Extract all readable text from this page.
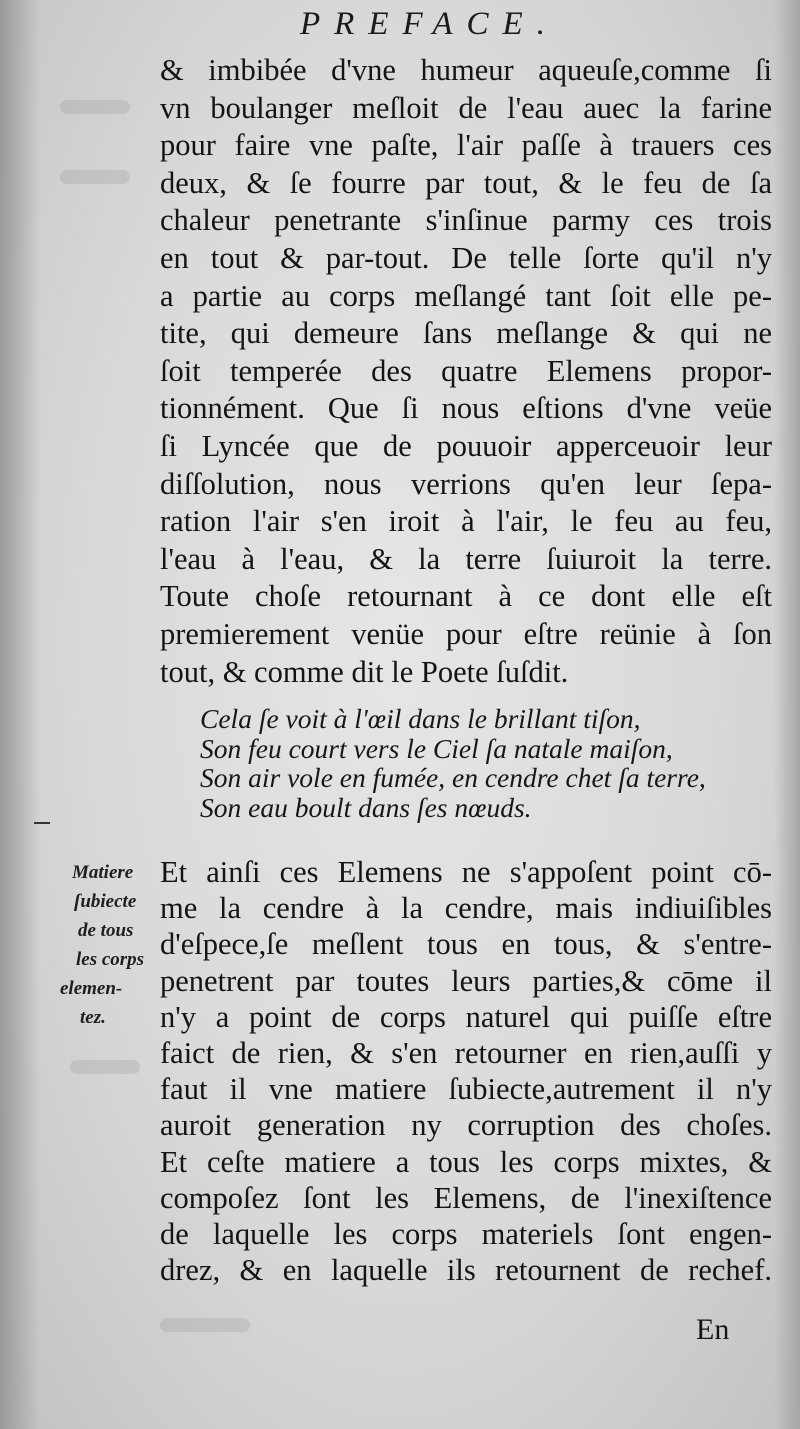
PREFACE.
& imbibée d'vne humeur aqueuſe,comme ſi
vn boulanger meſloit de l'eau auec la farine
pour faire vne paſte, l'air paſſe à trauers ces
deux, & ſe fourre par tout, & le feu de ſa
chaleur penetrante s'inſinue parmy ces trois
en tout & par-tout. De telle ſorte qu'il n'y
a partie au corps meſlangé tant ſoit elle pe-
tite, qui demeure ſans meſlange & qui ne
ſoit temperée des quatre Elemens propor-
tionnément. Que ſi nous eſtions d'vne veüe
ſi Lyncée que de pouuoir apperceuoir leur
diſſolution, nous verrions qu'en leur ſepa-
ration l'air s'en iroit à l'air, le feu au feu,
l'eau à l'eau, & la terre ſuiuroit la terre.
Toute choſe retournant à ce dont elle eſt
premierement venüe pour eſtre reünie à ſon
tout, & comme dit le Poete ſuſdit.
Cela ſe voit à l'œil dans le brillant tiſon,
Son feu court vers le Ciel ſa natale maiſon,
Son air vole en fumée, en cendre chet ſa terre,
Son eau boult dans ſes nœuds.
Matiere
ſubiecte
de tous
les corps
elemen-
tez.
Et ainſi ces Elemens ne s'appoſent point cō-
me la cendre à la cendre, mais indiuiſibles
d'eſpece,ſe meſlent tous en tous, & s'entre-
penetrent par toutes leurs parties,& cōme il
n'y a point de corps naturel qui puiſſe eſtre
faict de rien, & s'en retourner en rien,auſſi y
faut il vne matiere ſubiecte,autrement il n'y
auroit generation ny corruption des choſes.
Et ceſte matiere a tous les corps mixtes, &
compoſez ſont les Elemens, de l'inexiſtence
de laquelle les corps materiels ſont engen-
drez, & en laquelle ils retournent de rechef.
En
